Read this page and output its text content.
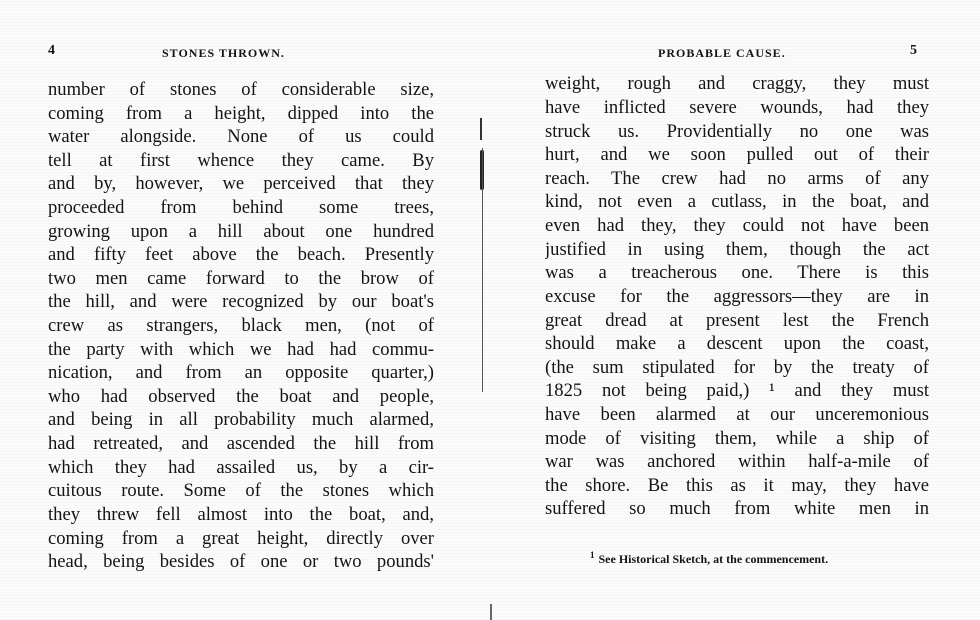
4	STONES THROWN.
number of stones of considerable size,
coming from a height, dipped into the
water alongside. None of us could
tell at first whence they came. By
and by, however, we perceived that they
proceeded from behind some trees,
growing upon a hill about one hundred
and fifty feet above the beach. Presently
two men came forward to the brow of
the hill, and were recognized by our boat's
crew as strangers, black men, (not of
the party with which we had had commu-
nication, and from an opposite quarter,)
who had observed the boat and people,
and being in all probability much alarmed,
had retreated, and ascended the hill from
which they had assailed us, by a cir-
cuitous route. Some of the stones which
they threw fell almost into the boat, and,
coming from a great height, directly over
head, being besides of one or two pounds'
PROBABLE CAUSE.	5
weight, rough and craggy, they must
have inflicted severe wounds, had they
struck us. Providentially no one was
hurt, and we soon pulled out of their
reach. The crew had no arms of any
kind, not even a cutlass, in the boat, and
even had they, they could not have been
justified in using them, though the act
was a treacherous one. There is this
excuse for the aggressors—they are in
great dread at present lest the French
should make a descent upon the coast,
(the sum stipulated for by the treaty of
1825 not being paid,) ¹ and they must
have been alarmed at our unceremonious
mode of visiting them, while a ship of
war was anchored within half-a-mile of
the shore. Be this as it may, they have
suffered so much from white men in
$^1$ See Historical Sketch, at the commencement.
